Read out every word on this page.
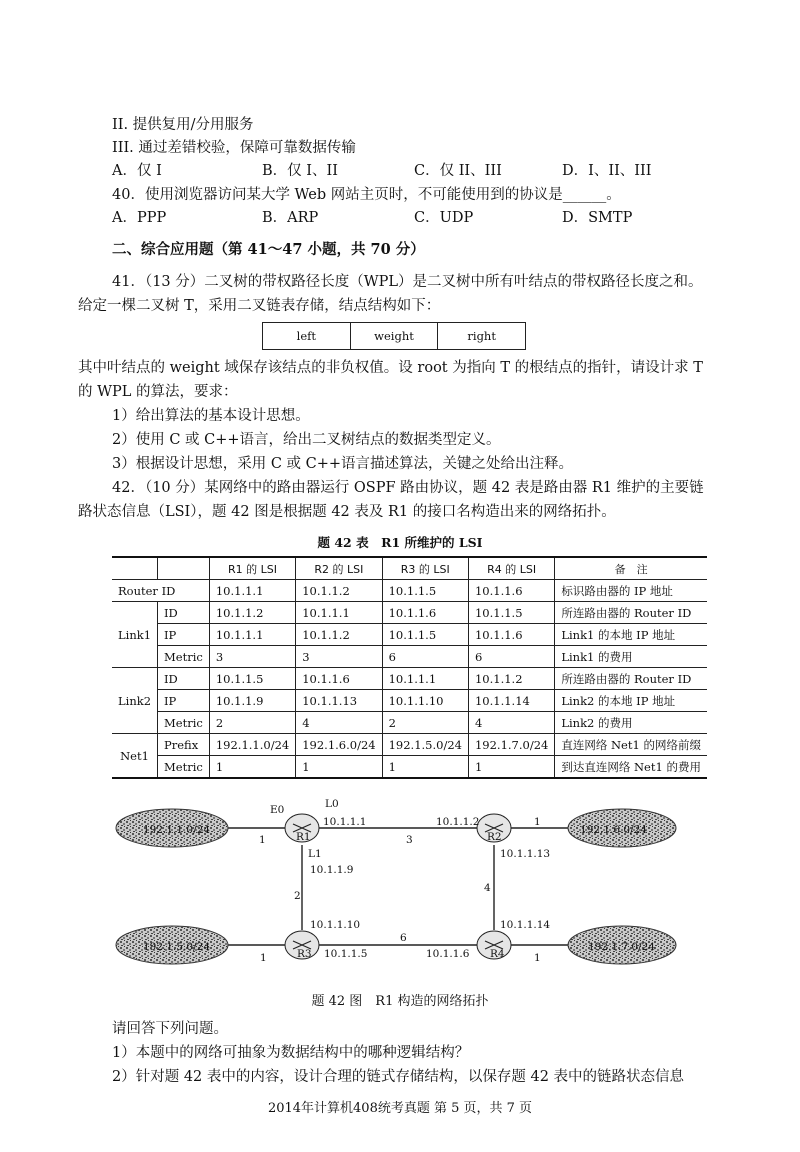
II. 提供复用/分用服务
III. 通过差错校验，保障可靠数据传输
A．仅 I	B．仅 I、II	C．仅 II、III	D．I、II、III
40．使用浏览器访问某大学 Web 网站主页时，不可能使用到的协议是______。
A．PPP	B．ARP	C．UDP	D．SMTP
二、综合应用题（第 41～47 小题，共 70 分）
41．（13 分）二叉树的带权路径长度（WPL）是二叉树中所有叶结点的带权路径长度之和。
给定一棵二叉树 T，采用二叉链表存储，结点结构如下：
left	weight	right
其中叶结点的 weight 域保存该结点的非负权值。设 root 为指向 T 的根结点的指针，请设计求 T
的 WPL 的算法，要求：
1）给出算法的基本设计思想。
2）使用 C 或 C++语言，给出二叉树结点的数据类型定义。
3）根据设计思想，采用 C 或 C++语言描述算法，关键之处给出注释。
42．（10 分）某网络中的路由器运行 OSPF 路由协议，题 42 表是路由器 R1 维护的主要链
路状态信息（LSI），题 42 图是根据题 42 表及 R1 的接口名构造出来的网络拓扑。
题 42 表　R1 所维护的 LSI
		R1 的 LSI	R2 的 LSI	R3 的 LSI	R4 的 LSI	备　注
Router ID		10.1.1.1	10.1.1.2	10.1.1.5	10.1.1.6	标识路由器的 IP 地址
Link1	ID	10.1.1.2	10.1.1.1	10.1.1.6	10.1.1.5	所连路由器的 Router ID
	IP	10.1.1.1	10.1.1.2	10.1.1.5	10.1.1.6	Link1 的本地 IP 地址
	Metric	3	3	6	6	Link1 的费用
Link2	ID	10.1.1.5	10.1.1.6	10.1.1.1	10.1.1.2	所连路由器的 Router ID
	IP	10.1.1.9	10.1.1.13	10.1.1.10	10.1.1.14	Link2 的本地 IP 地址
	Metric	2	4	2	4	Link2 的费用
Net1	Prefix	192.1.1.0/24	192.1.6.0/24	192.1.5.0/24	192.1.7.0/24	直连网络 Net1 的网络前缀
	Metric	1	1	1	1	到达直连网络 Net1 的费用
192.1.1.0/24	192.1.6.0/24
192.1.5.0/24	192.1.7.0/24
R1	R2
R3	R4
E0	L0
L1
10.1.1.1	10.1.1.2
10.1.1.9
10.1.1.13
10.1.1.10	10.1.1.14
10.1.1.5	10.1.1.6
1	3
1
2
4
1
6
1
题 42 图　R1 构造的网络拓扑
请回答下列问题。
1）本题中的网络可抽象为数据结构中的哪种逻辑结构？
2）针对题 42 表中的内容，设计合理的链式存储结构，以保存题 42 表中的链路状态信息
2014年计算机408统考真题 第 5 页，共 7 页
